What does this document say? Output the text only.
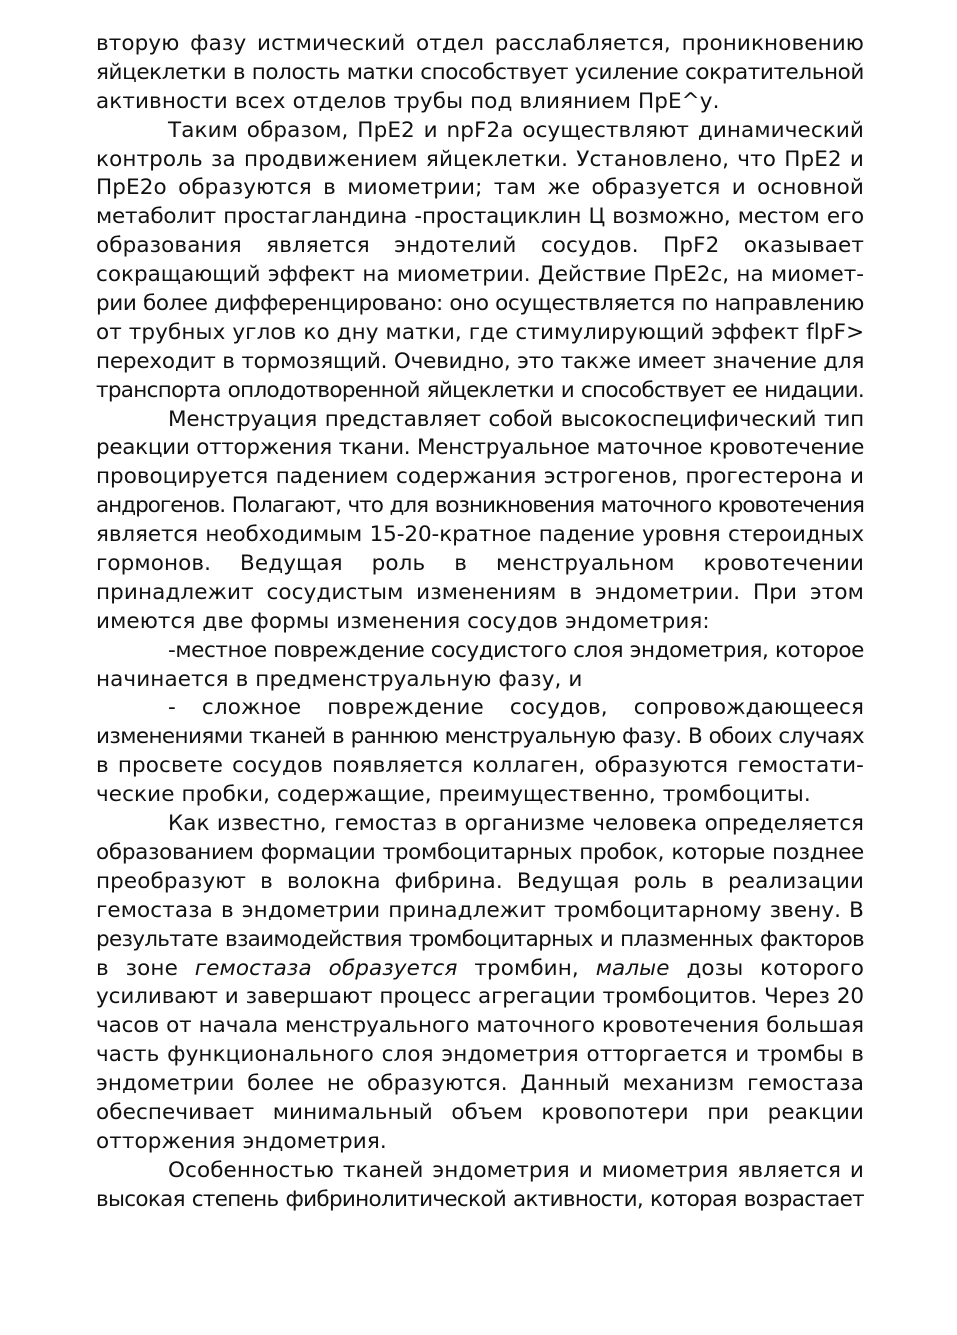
вторую фазу истмический отдел расслабляется, проникновению
яйцеклетки в полость матки способствует усиление сократительной
активности всех отделов трубы под влиянием ПрЕ^у.
Таким образом, ПрЕ2 и npF2a осуществляют динамический
контроль за продвижением яйцеклетки. Установлено, что ПрЕ2 и
ПрЕ2о образуются в миометрии; там же образуется и основной
метаболит простагландина -простациклин Ц возможно, местом его
образования является эндотелий сосудов. ПрF2 оказывает
сокращающий эффект на миометрии. Действие ПрЕ2с, на миомет-
рии более дифференцировано: оно осуществляется по направлению
от трубных углов ко дну матки, где стимулирующий эффект flpF>
переходит в тормозящий. Очевидно, это также имеет значение для
транспорта оплодотворенной яйцеклетки и способствует ее нидации.
Менструация представляет собой высокоспецифический тип
реакции отторжения ткани. Менструальное маточное кровотечение
провоцируется падением содержания эстрогенов, прогестерона и
андрогенов. Полагают, что для возникновения маточного кровотечения
является необходимым 15-20-кратное падение уровня стероидных
гормонов. Ведущая роль в менструальном кровотечении
принадлежит сосудистым изменениям в эндометрии. При этом
имеются две формы изменения сосудов эндометрия:
-местное повреждение сосудистого слоя эндометрия, которое
начинается в предменструальную фазу, и
- сложное повреждение сосудов, сопровождающееся
изменениями тканей в раннюю менструальную фазу. В обоих случаях
в просвете сосудов появляется коллаген, образуются гемостати-
ческие пробки, содержащие, преимущественно, тромбоциты.
Как известно, гемостаз в организме человека определяется
образованием формации тромбоцитарных пробок, которые позднее
преобразуют в волокна фибрина. Ведущая роль в реализации
гемостаза в эндометрии принадлежит тромбоцитарному звену. В
результате взаимодействия тромбоцитарных и плазменных факторов
в зоне гемостаза образуется тромбин, малые дозы которого
усиливают и завершают процесс агрегации тромбоцитов. Через 20
часов от начала менструального маточного кровотечения большая
часть функционального слоя эндометрия отторгается и тромбы в
эндометрии более не образуются. Данный механизм гемостаза
обеспечивает минимальный объем кровопотери при реакции
отторжения эндометрия.
Особенностью тканей эндометрия и миометрия является и
высокая степень фибринолитической активности, которая возрастает
